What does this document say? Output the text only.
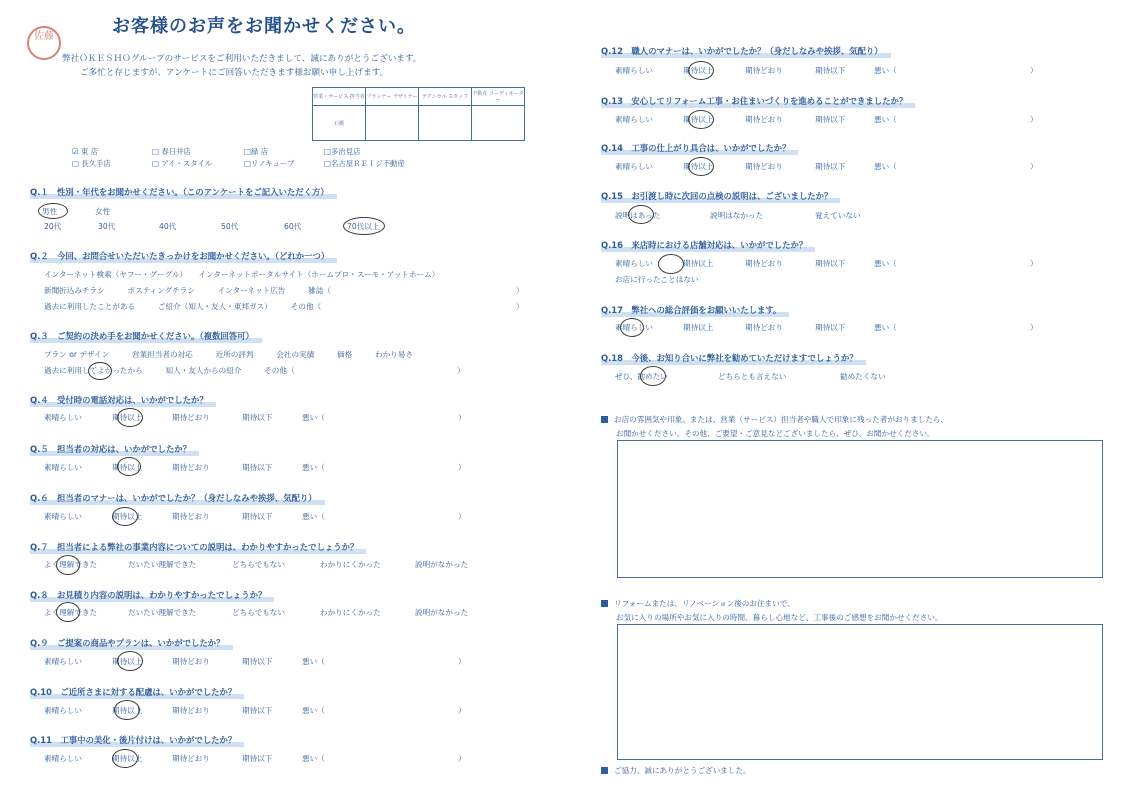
佐藤	お客様のお声をお聞かせください。
弊社ＯＫＥＳＨＯグループのサービスをご利用いただきまして、誠にありがとうございます。
ご多忙と存じますが、アンケートにご回答いただきます様お願い申し上げます。
営業・サービス 担当者	プランナー デザイナー	テクニカル スタッフ	不動産 コーディネーター
石橋			
☑ 東 店	□ 春日井店	□緑 店	□多治見店
□ 長久手店	□ アイ・スタイル	□リノキューブ	□名古屋ＲＥＩジ不動産
Q.１　性別・年代をお聞かせください。（このアンケートをご記入いただく方）
男性	女性
20代	30代	40代	50代	60代	70代以上
Q.２　今回、お問合せいただいたきっかけをお聞かせください。（どれか一つ）
インターネット検索（ヤフー・グーグル）　　インターネットポータルサイト（ホームプロ・スーモ・アットホーム）
新聞折込みチラシ　　　ポスティングチラシ　　　インターネット広告　　　雑誌（	）
過去に利用したことがある　　　ご紹介（知人・友人・東邦ガス）　　　その他（	）
Q.３　ご契約の決め手をお聞かせください。（複数回答可）
プラン or デザイン　　　営業担当者の対応　　　近所の評判　　　会社の実績　　　価格　　　わかり易さ
過去に利用してよかったから　　　知人・友人からの紹介　　　その他（	）
Q.４　受付時の電話対応は、いかがでしたか？
素晴らしい	期待以上	期待どおり	期待以下	悪い（	）
Q.５　担当者の対応は、いかがでしたか？
素晴らしい	期待以上	期待どおり	期待以下	悪い（	）
Q.６　担当者のマナーは、いかがでしたか？（身だしなみや挨拶、気配り）
素晴らしい	期待以上	期待どおり	期待以下	悪い（	）
Q.７　担当者による弊社の事業内容についての説明は、わかりやすかったでしょうか？
よく理解できた	だいたい理解できた	どちらでもない	わかりにくかった	説明がなかった
Q.８　お見積り内容の説明は、わかりやすかったでしょうか？
よく理解できた	だいたい理解できた	どちらでもない	わかりにくかった	説明がなかった
Q.９　ご提案の商品やプランは、いかがでしたか？
素晴らしい	期待以上	期待どおり	期待以下	悪い（	）
Q.10　ご近所さまに対する配慮は、いかがでしたか？
素晴らしい	期待以上	期待どおり	期待以下	悪い（	）
Q.11　工事中の美化・後片付けは、いかがでしたか？
素晴らしい	期待以上	期待どおり	期待以下	悪い（	）
Q.12　職人のマナーは、いかがでしたか？（身だしなみや挨拶、気配り）
素晴らしい	期待以上	期待どおり	期待以下	悪い（	）
Q.13　安心してリフォーム工事・お住まいづくりを進めることができましたか？
素晴らしい	期待以上	期待どおり	期待以下	悪い（	）
Q.14　工事の仕上がり具合は、いかがでしたか？
素晴らしい	期待以上	期待どおり	期待以下	悪い（	）
Q.15　お引渡し時に次回の点検の説明は、ございましたか？
説明はあった	説明はなかった	覚えていない
Q.16　来店時における店舗対応は、いかがでしたか？
素晴らしい	期待以上	期待どおり	期待以下	悪い（	）
お店に行ったことはない
Q.17　弊社への総合評価をお願いいたします。
素晴らしい	期待以上	期待どおり	期待以下	悪い（	）
Q.18　今後、お知り合いに弊社を勧めていただけますでしょうか？
ぜひ、勧めたい	どちらとも言えない	勧めたくない
お店の雰囲気や印象。または、営業（サービス）担当者や職人で印象に残った者がおりましたら、
お聞かせください。その他、ご要望・ご意見などございましたら、ぜひ、お聞かせください。
リフォームまたは、リノベーション後のお住まいで、
お気に入りの場所やお気に入りの時間、暮らし心地など、工事後のご感想をお聞かせください。
ご協力、誠にありがとうございました。
